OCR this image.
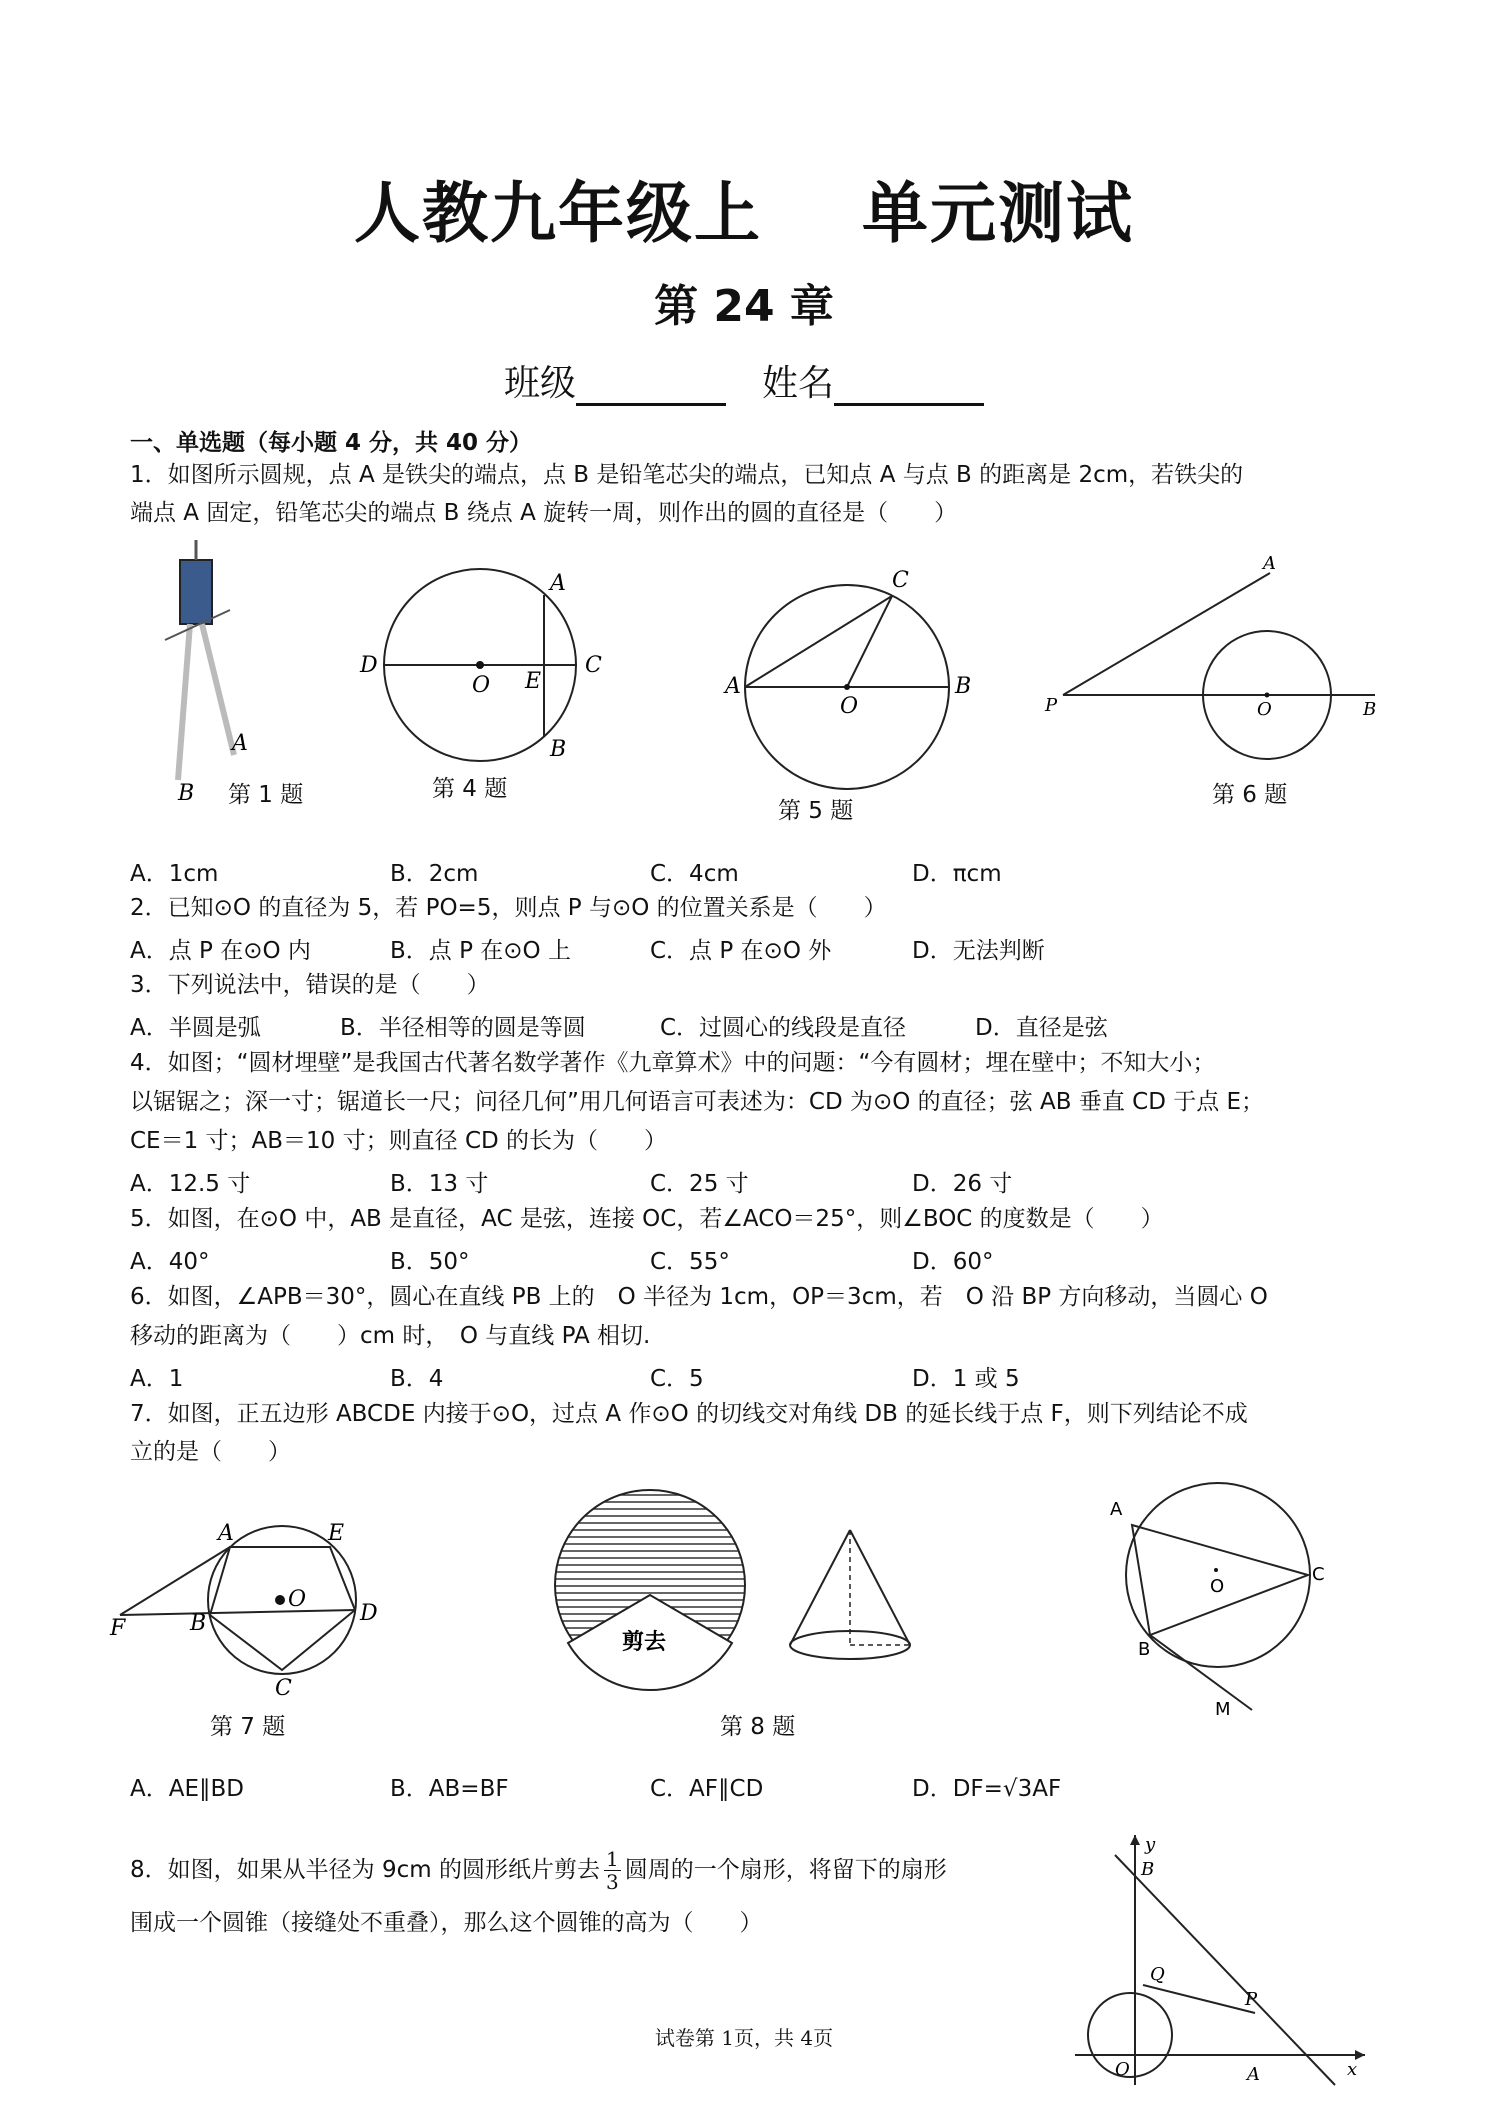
人教九年级上 单元测试
第 24 章
班级	姓名
一、单选题（每小题 4 分，共 40 分）
1．如图所示圆规，点 A 是铁尖的端点，点 B 是铅笔芯尖的端点，已知点 A 与点 B 的距离是 2cm，若铁尖的
端点 A 固定，铅笔芯尖的端点 B 绕点 A 旋转一周，则作出的圆的直径是（　　）
A
B 第 1 题
D	C
O E
A
B
第 4 题
A	B
C
O
第 5 题
P	O	B
A
第 6 题
A．1cm	B．2cm	C．4cm	D．πcm
2．已知⊙O 的直径为 5，若 PO=5，则点 P 与⊙O 的位置关系是（　　）
A．点 P 在⊙O 内	B．点 P 在⊙O 上	C．点 P 在⊙O 外	D．无法判断
3．下列说法中，错误的是（　　）
A．半圆是弧	B．半径相等的圆是等圆	C．过圆心的线段是直径	D．直径是弦
4．如图；“圆材埋壁”是我国古代著名数学著作《九章算术》中的问题：“今有圆材；埋在壁中；不知大小；
以锯锯之；深一寸；锯道长一尺；问径几何”用几何语言可表述为：CD 为⊙O 的直径；弦 AB 垂直 CD 于点 E；
CE＝1 寸；AB＝10 寸；则直径 CD 的长为（　　）
A．12.5 寸	B．13 寸	C．25 寸	D．26 寸
5．如图，在⊙O 中，AB 是直径，AC 是弦，连接 OC，若∠ACO＝25°，则∠BOC 的度数是（　　）
A．40°	B．50°	C．55°	D．60°
6．如图，∠APB＝30°，圆心在直线 PB 上的　O 半径为 1cm，OP＝3cm，若　O 沿 BP 方向移动，当圆心 O
移动的距离为（　　）cm 时，　O 与直线 PA 相切.
A．1	B．4	C．5	D．1 或 5
7．如图，正五边形 ABCDE 内接于⊙O，过点 A 作⊙O 的切线交对角线 DB 的延长线于点 F，则下列结论不成
立的是（　　）
A	E
D
C
B
F
O
第 7 题
剪去
第 8 题
A
C
B
O
M
A．AE∥BD	B．AB=BF	C．AF∥CD	D．DF=√3AF
8．如图，如果从半径为 9cm 的圆形纸片剪去 $\frac{1}{3}$ 圆周的一个扇形，将留下的扇形
围成一个圆锥（接缝处不重叠），那么这个圆锥的高为（　　）
y
B
Q
P
O	A	x
试卷第 1页，共 4页
